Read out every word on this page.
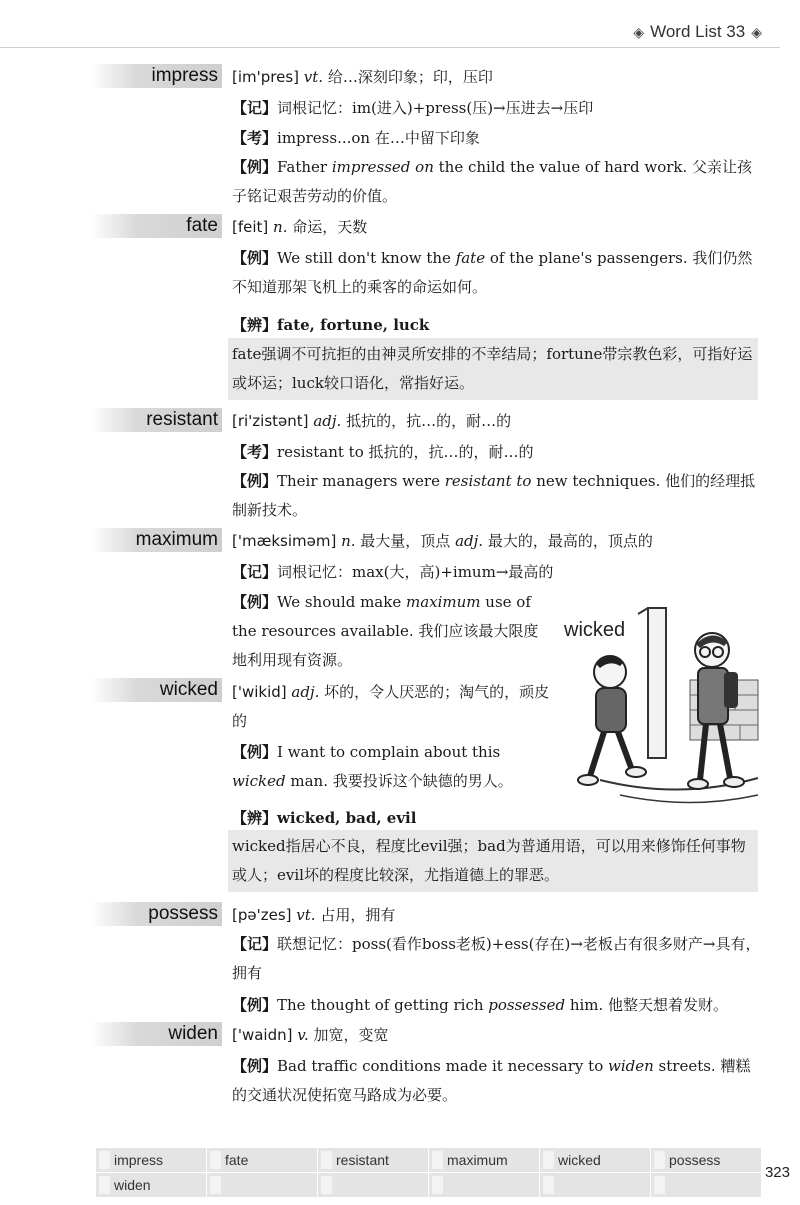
◈ Word List 33 ◈
impress [im'pres] vt. 给…深刻印象；印，压印
【记】词根记忆：im(进入)+press(压)→压进去→压印
【考】impress...on 在…中留下印象
【例】Father impressed on the child the value of hard work. 父亲让孩子铭记艰苦劳动的价值。
fate [feit] n. 命运，天数
【例】We still don't know the fate of the plane's passengers. 我们仍然不知道那架飞机上的乘客的命运如何。
【辨】fate, fortune, luck
fate强调不可抗拒的由神灵所安排的不幸结局；fortune带宗教色彩，可指好运或坏运；luck较口语化，常指好运。
resistant [ri'zistənt] adj. 抵抗的，抗…的，耐…的
【考】resistant to 抵抗的，抗…的，耐…的
【例】Their managers were resistant to new techniques. 他们的经理抵制新技术。
maximum ['mæksiməm] n. 最大量，顶点 adj. 最大的，最高的，顶点的
【记】词根记忆：max(大，高)+imum→最高的
【例】We should make maximum use of the resources available. 我们应该最大限度地利用现有资源。
wicked ['wikid] adj. 坏的，令人厌恶的；淘气的，顽皮的
【例】I want to complain about this wicked man. 我要投诉这个缺德的男人。
【辨】wicked, bad, evil
wicked指居心不良，程度比evil强；bad为普通用语，可以用来修饰任何事物或人；evil坏的程度比较深，尤指道德上的罪恶。
wicked
possess [pə'zes] vt. 占用，拥有
【记】联想记忆：poss(看作boss老板)+ess(存在)→老板占有很多财产→具有，拥有
【例】The thought of getting rich possessed him. 他整天想着发财。
widen ['waidn] v. 加宽，变宽
【例】Bad traffic conditions made it necessary to widen streets. 糟糕的交通状况使拓宽马路成为必要。
impress	fate	resistant	maximum	wicked	possess
widen
323
